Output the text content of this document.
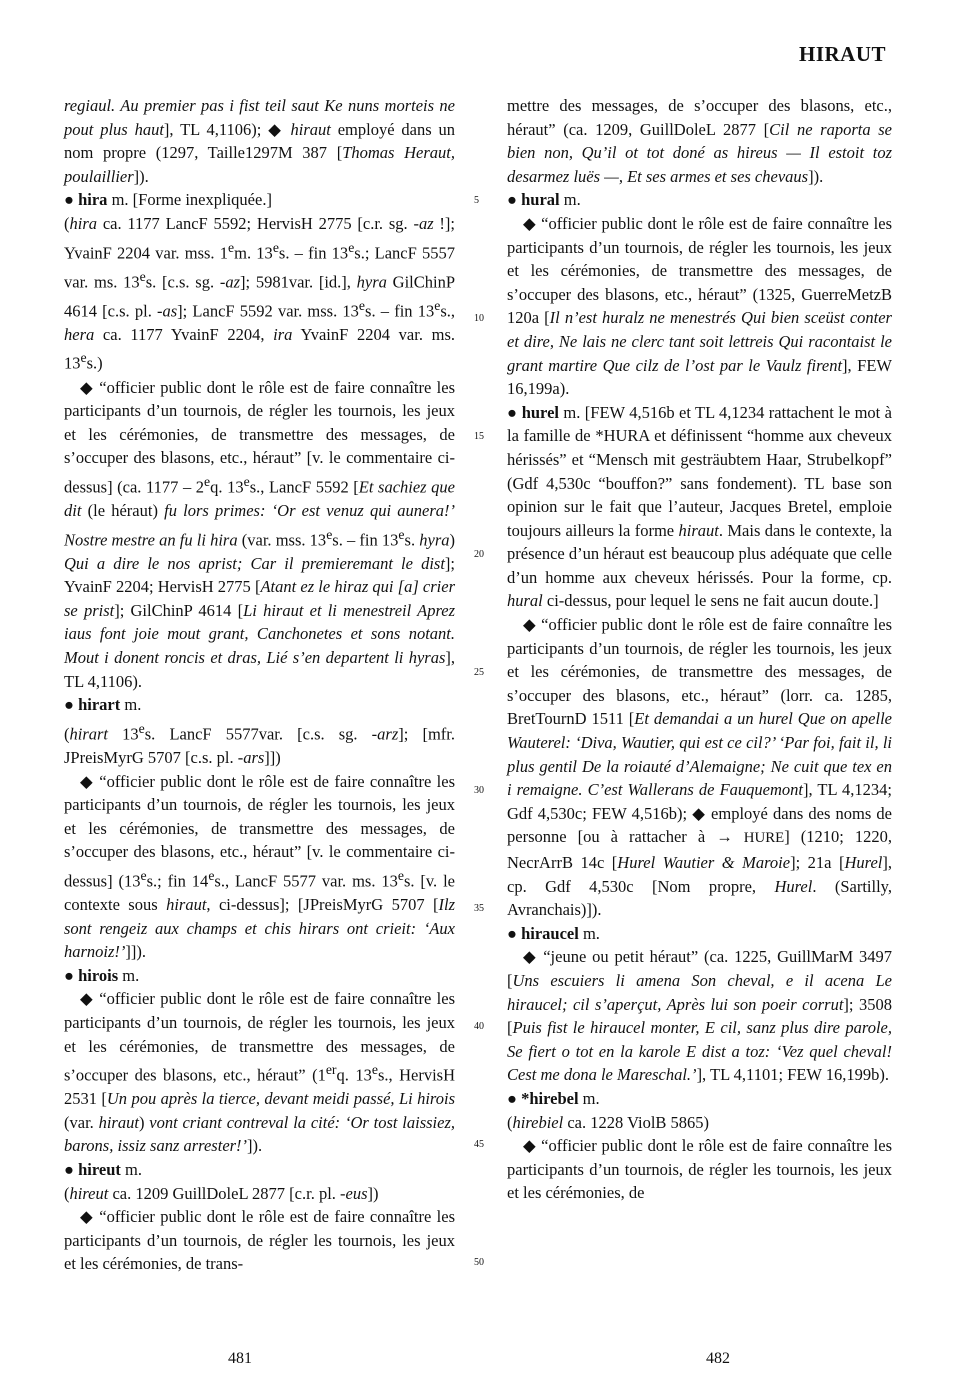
HIRAUT

regiaul. Au premier pas i fist teil saut Ke nuns morteis ne pout plus haut], TL 4,1106); ◆ hiraut employé dans un nom propre (1297, Taille1297M 387 [Thomas Heraut, poulaillier]).

● hira m. [Forme inexpliquée.]

(hira ca. 1177 LancF 5592; HervisH 2775 [c.r. sg. -az !]; YvainF 2204 var. mss. 1em. 13es. – fin 13es.; LancF 5557 var. ms. 13es. [c.s. sg. -az]; 5981var. [id.], hyra GilChinP 4614 [c.s. pl. -as]; LancF 5592 var. mss. 13es. – fin 13es., hera ca. 1177 YvainF 2204, ira YvainF 2204 var. ms. 13es.)

◆ “officier public dont le rôle est de faire connaître les participants d’un tournois, de régler les tournois, les jeux et les cérémonies, de transmettre des messages, de s’occuper des blasons, etc., héraut” [v. le commentaire ci-dessus] (ca. 1177 – 2eq. 13es., LancF 5592 [Et sachiez que dit (le héraut) fu lors primes: ‘Or est venuz qui aunera!’ Nostre mestre an fu li hira (var. mss. 13es. – fin 13es. hyra) Qui a dire le nos aprist; Car il premieremant le dist]; YvainF 2204; HervisH 2775 [Atant ez le hiraz qui [a] crier se prist]; GilChinP 4614 [Li hiraut et li menestreil Aprez iaus font joie mout grant, Canchonetes et sons notant. Mout i donent roncis et dras, Lié s’en departent li hyras], TL 4,1106).

● hirart m.

(hirart 13es. LancF 5577var. [c.s. sg. -arz]; [mfr. JPreisMyrG 5707 [c.s. pl. -ars]])

◆ “officier public dont le rôle est de faire connaître les participants d’un tournois, de régler les tournois, les jeux et les cérémonies, de transmettre des messages, de s’occuper des blasons, etc., héraut” [v. le commentaire ci-dessus] (13es.; fin 14es., LancF 5577 var. ms. 13es. [v. le contexte sous hiraut, ci-dessus]; [JPreisMyrG 5707 [Ilz sont rengeiz aux champs et chis hirars ont crieit: ‘Aux harnoiz!’]]).

● hirois m.

◆ “officier public dont le rôle est de faire connaître les participants d’un tournois, de régler les tournois, les jeux et les cérémonies, de transmettre des messages, de s’occuper des blasons, etc., héraut” (1erq. 13es., HervisH 2531 [Un pou après la tierce, devant meidi passé, Li hirois (var. hiraut) vont criant contreval la cité: ‘Or tost laissiez, barons, issiz sanz arrester!’]).

● hireut m.

(hireut ca. 1209 GuillDoleL 2877 [c.r. pl. -eus])

◆ “officier public dont le rôle est de faire connaître les participants d’un tournois, de régler les tournois, les jeux et les cérémonies, de trans-

mettre des messages, de s’occuper des blasons, etc., héraut” (ca. 1209, GuillDoleL 2877 [Cil ne raporta se bien non, Qu’il ot tot doné as hireus — Il estoit toz desarmez luës —, Et ses armes et ses chevaus]).

● hural m.

◆ “officier public dont le rôle est de faire connaître les participants d’un tournois, de régler les tournois, les jeux et les cérémonies, de transmettre des messages, de s’occuper des blasons, etc., héraut” (1325, GuerreMetzB 120a [Il n’est huralz ne menestrés Qui bien sceüst conter et dire, Ne lais ne clerc tant soit lettreis Qui racontaist le grant martire Que cilz de l’ost par le Vaulz firent], FEW 16,199a).

● hurel m. [FEW 4,516b et TL 4,1234 rattachent le mot à la famille de *HURA et définissent “homme aux cheveux hérissés” et “Mensch mit gesträubtem Haar, Strubelkopf” (Gdf 4,530c “bouffon?” sans fondement). TL base son opinion sur le fait que l’auteur, Jacques Bretel, emploie toujours ailleurs la forme hiraut. Mais dans le contexte, la présence d’un héraut est beaucoup plus adéquate que celle d’un homme aux cheveux hérissés. Pour la forme, cp. hural ci-dessus, pour lequel le sens ne fait aucun doute.]

◆ “officier public dont le rôle est de faire connaître les participants d’un tournois, de régler les tournois, les jeux et les cérémonies, de transmettre des messages, de s’occuper des blasons, etc., héraut” (lorr. ca. 1285, BretTournD 1511 [Et demandai a un hurel Que on apelle Wauterel: ‘Diva, Wautier, qui est ce cil?’ ‘Par foi, fait il, li plus gentil De la roiauté d’Alemaigne; Ne cuit que tex en i remaigne. C’est Wallerans de Fauquemont], TL 4,1234; Gdf 4,530c; FEW 4,516b); ◆ employé dans des noms de personne [ou à rattacher à → HURE] (1210; 1220, NecrArrB 14c [Hurel Wautier & Maroie]; 21a [Hurel], cp. Gdf 4,530c [Nom propre, Hurel. (Sartilly, Avranchais)]).

● hiraucel m.

◆ “jeune ou petit héraut” (ca. 1225, GuillMarM 3497 [Uns escuiers li amena Son cheval, e il acena Le hiraucel; cil s’aperçut, Après lui son poeir corrut]; 3508 [Puis fist le hiraucel monter, E cil, sanz plus dire parole, Se fiert o tot en la karole E dist a toz: ‘Vez quel cheval! Cest me dona le Mareschal.’], TL 4,1101; FEW 16,199b).

● *hirebel m.

(hirebiel ca. 1228 ViolB 5865)

◆ “officier public dont le rôle est de faire connaître les participants d’un tournois, de régler les tournois, les jeux et les cérémonies, de

5
10
15
20
25
30
35
40
45
50
481	482
